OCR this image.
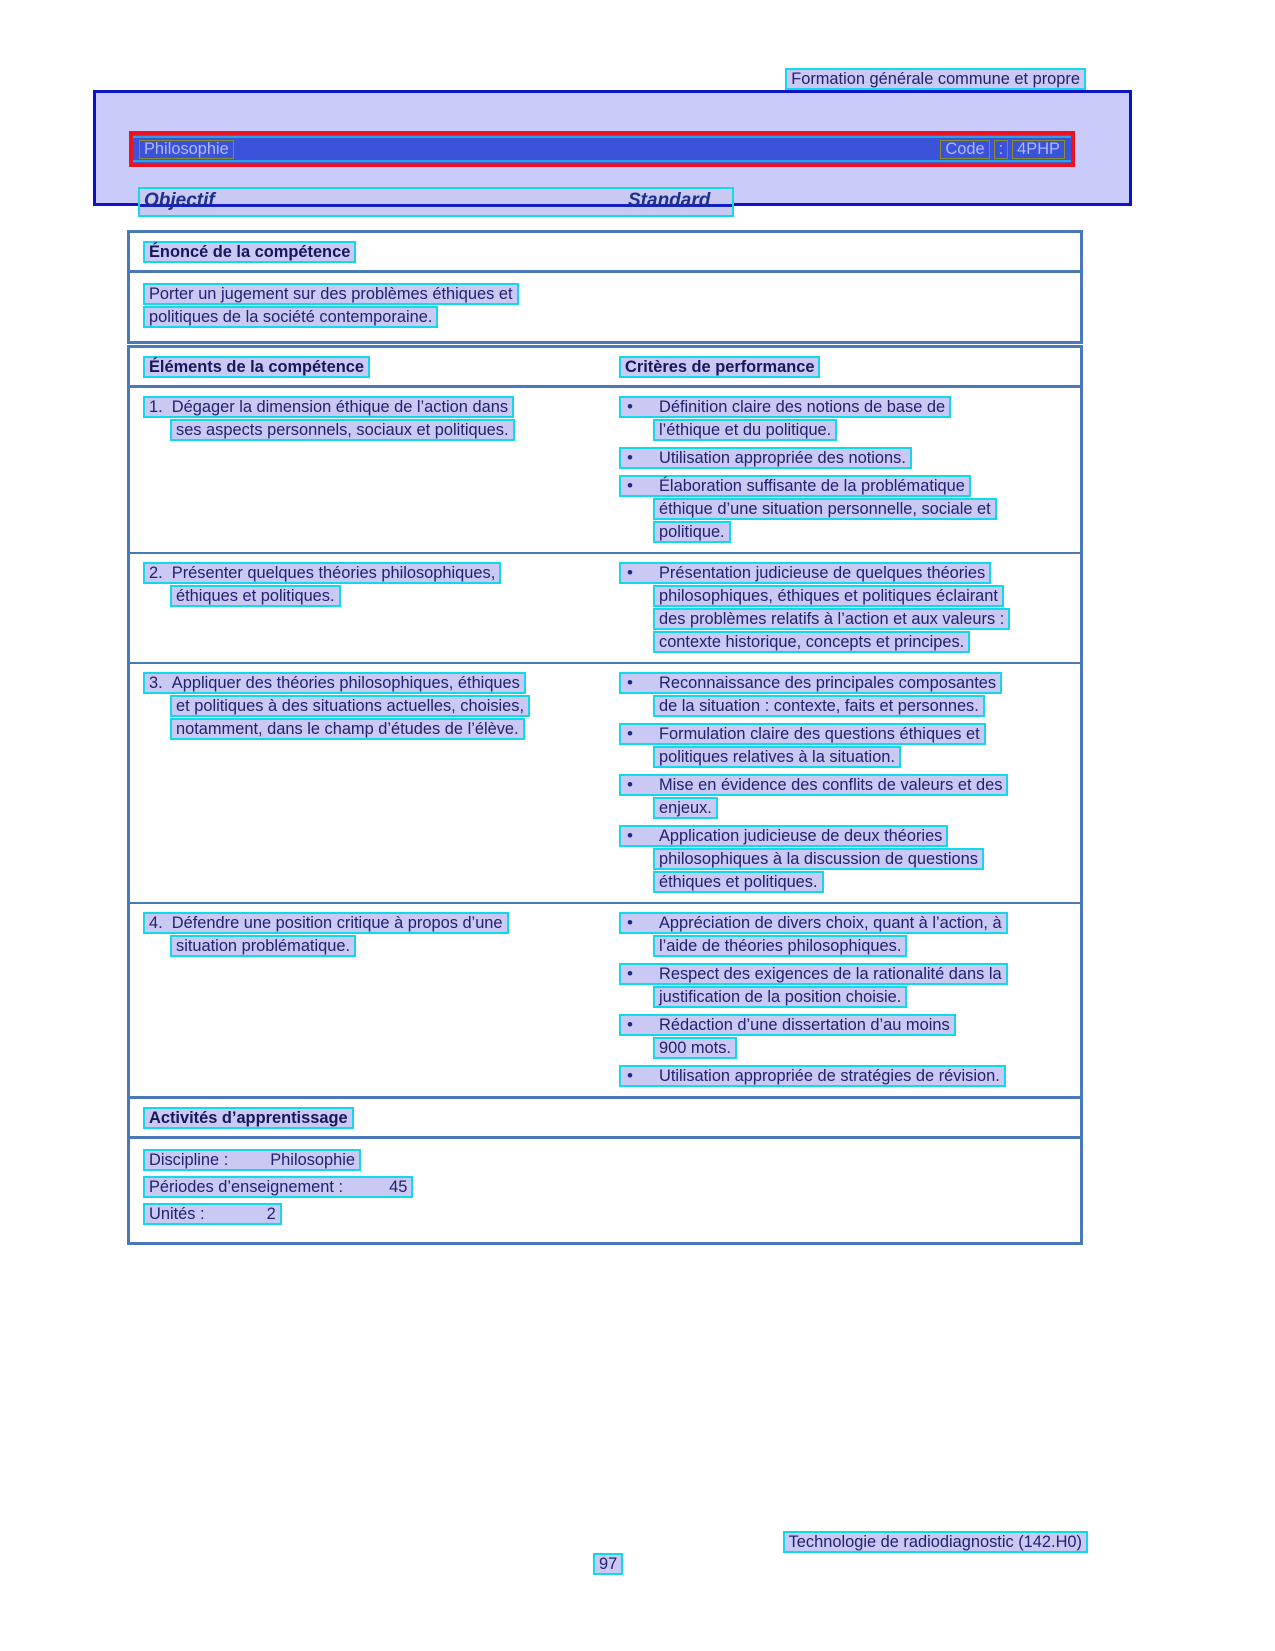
Formation générale commune et propre
Philosophie	Code : 4PHP
Objectif	Standard
Énoncé de la compétence
Porter un jugement sur des problèmes éthiques et
politiques de la société contemporaine.
Éléments de la compétence	Critères de performance
1.  Dégager la dimension éthique de l’action dans
ses aspects personnels, sociaux et politiques.
•Définition claire des notions de base de
l’éthique et du politique.
•Utilisation appropriée des notions.
•Élaboration suffisante de la problématique
éthique d’une situation personnelle, sociale et
politique.
2.  Présenter quelques théories philosophiques,
éthiques et politiques.
•Présentation judicieuse de quelques théories
philosophiques, éthiques et politiques éclairant
des problèmes relatifs à l’action et aux valeurs :
contexte historique, concepts et principes.
3.  Appliquer des théories philosophiques, éthiques
et politiques à des situations actuelles, choisies,
notamment, dans le champ d’études de l’élève.
•Reconnaissance des principales composantes
de la situation : contexte, faits et personnes.
•Formulation claire des questions éthiques et
politiques relatives à la situation.
•Mise en évidence des conflits de valeurs et des
enjeux.
•Application judicieuse de deux théories
philosophiques à la discussion de questions
éthiques et politiques.
4.  Défendre une position critique à propos d’une
situation problématique.
•Appréciation de divers choix, quant à l’action, à
l’aide de théories philosophiques.
•Respect des exigences de la rationalité dans la
justification de la position choisie.
•Rédaction d’une dissertation d’au moins
900 mots.
•Utilisation appropriée de stratégies de révision.
Activités d’apprentissage
Discipline :	Philosophie
Périodes d’enseignement :	45
Unités :	2
Technologie de radiodiagnostic (142.H0)
97
